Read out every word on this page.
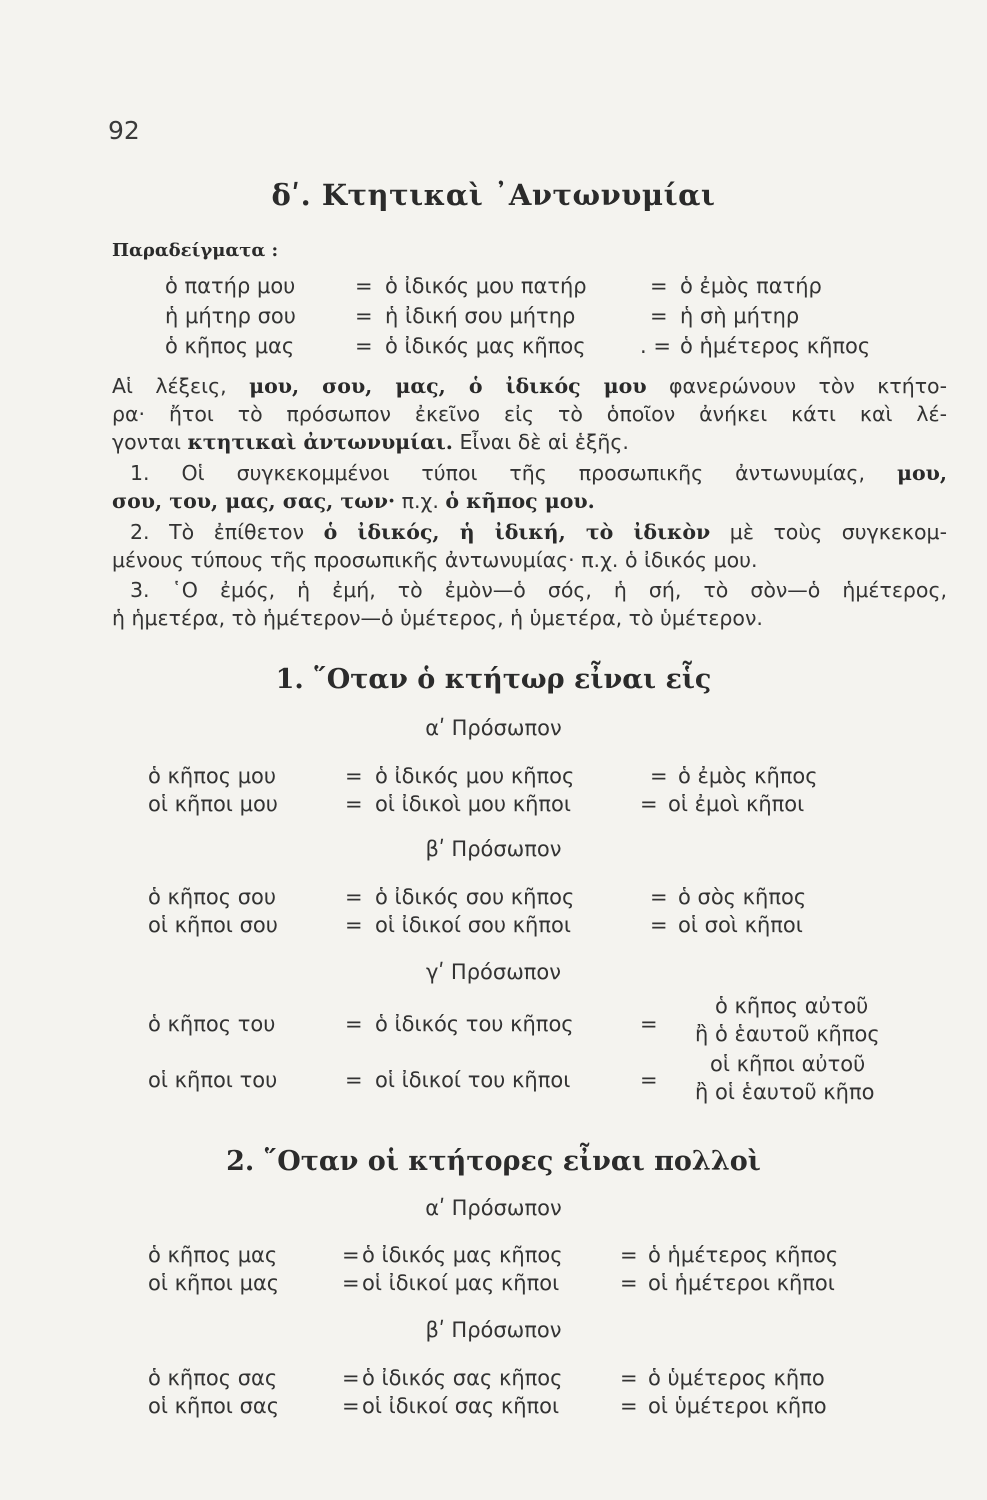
92
δʹ. Κτητικαὶ ᾿Αντωνυμίαι
Παραδείγματα :
ὁ πατήρ μου	= ὁ ἰδικός μου πατήρ	= ὁ ἐμὸς πατήρ
ἡ μήτηρ σου	= ἡ ἰδική σου μήτηρ	= ἡ σὴ μήτηρ
ὁ κῆπος μας	= ὁ ἰδικός μας κῆπος	. = ὁ ἡμέτερος κῆπος
Αἱ λέξεις, μου, σου, μας, ὁ ἰδικός μου φανερώνουν τὸν κτήτο-
ρα· ἤτοι τὸ πρόσωπον ἐκεῖνο εἰς τὸ ὁποῖον ἀνήκει κάτι καὶ λέ-
γονται κτητικαὶ ἀντωνυμίαι. Εἶναι δὲ αἱ ἑξῆς.
1. Οἱ συγκεκομμένοι τύποι τῆς προσωπικῆς ἀντωνυμίας, μου,
σου, του, μας, σας, των· π.χ. ὁ κῆπος μου.
2. Τὸ ἐπίθετον ὁ ἰδικός, ἡ ἰδική, τὸ ἰδικὸν μὲ τοὺς συγκεκομ-
μένους τύπους τῆς προσωπικῆς ἀντωνυμίας· π.χ. ὁ ἰδικός μου.
3. ῾Ο ἐμός, ἡ ἐμή, τὸ ἐμὸν—ὁ σός, ἡ σή, τὸ σὸν—ὁ ἡμέτερος,
ἡ ἡμετέρα, τὸ ἡμέτερον—ὁ ὑμέτερος, ἡ ὑμετέρα, τὸ ὑμέτερον.
1. ῞Οταν ὁ κτήτωρ εἶναι εἷς
αʹ Πρόσωπον
ὁ κῆπος μου	= ὁ ἰδικός μου κῆπος	= ὁ ἐμὸς κῆπος
οἱ κῆποι μου	= οἱ ἰδικοὶ μου κῆποι	= οἱ ἐμοὶ κῆποι
βʹ Πρόσωπον
ὁ κῆπος σου	= ὁ ἰδικός σου κῆπος	= ὁ σὸς κῆπος
οἱ κῆποι σου	= οἱ ἰδικοί σου κῆποι	= οἱ σοὶ κῆποι
γʹ Πρόσωπον
ὁ κῆπος του	= ὁ ἰδικός του κῆπος	=
ὁ κῆπος αὐτοῦ
ἢ ὁ ἑαυτοῦ κῆπος
οἱ κῆποι του	= οἱ ἰδικοί του κῆποι	=
οἱ κῆποι αὐτοῦ
ἢ οἱ ἑαυτοῦ κῆπο
2. ῞Οταν οἱ κτήτορες εἶναι πολλοὶ
αʹ Πρόσωπον
ὁ κῆπος μας	= ὁ ἰδικός μας κῆπος	= ὁ ἡμέτερος κῆπος
οἱ κῆποι μας	= οἱ ἰδικοί μας κῆποι	= οἱ ἡμέτεροι κῆποι
βʹ Πρόσωπον
ὁ κῆπος σας	= ὁ ἰδικός σας κῆπος	= ὁ ὑμέτερος κῆπο
οἱ κῆποι σας	= οἱ ἰδικοί σας κῆποι	= οἱ ὑμέτεροι κῆπο
